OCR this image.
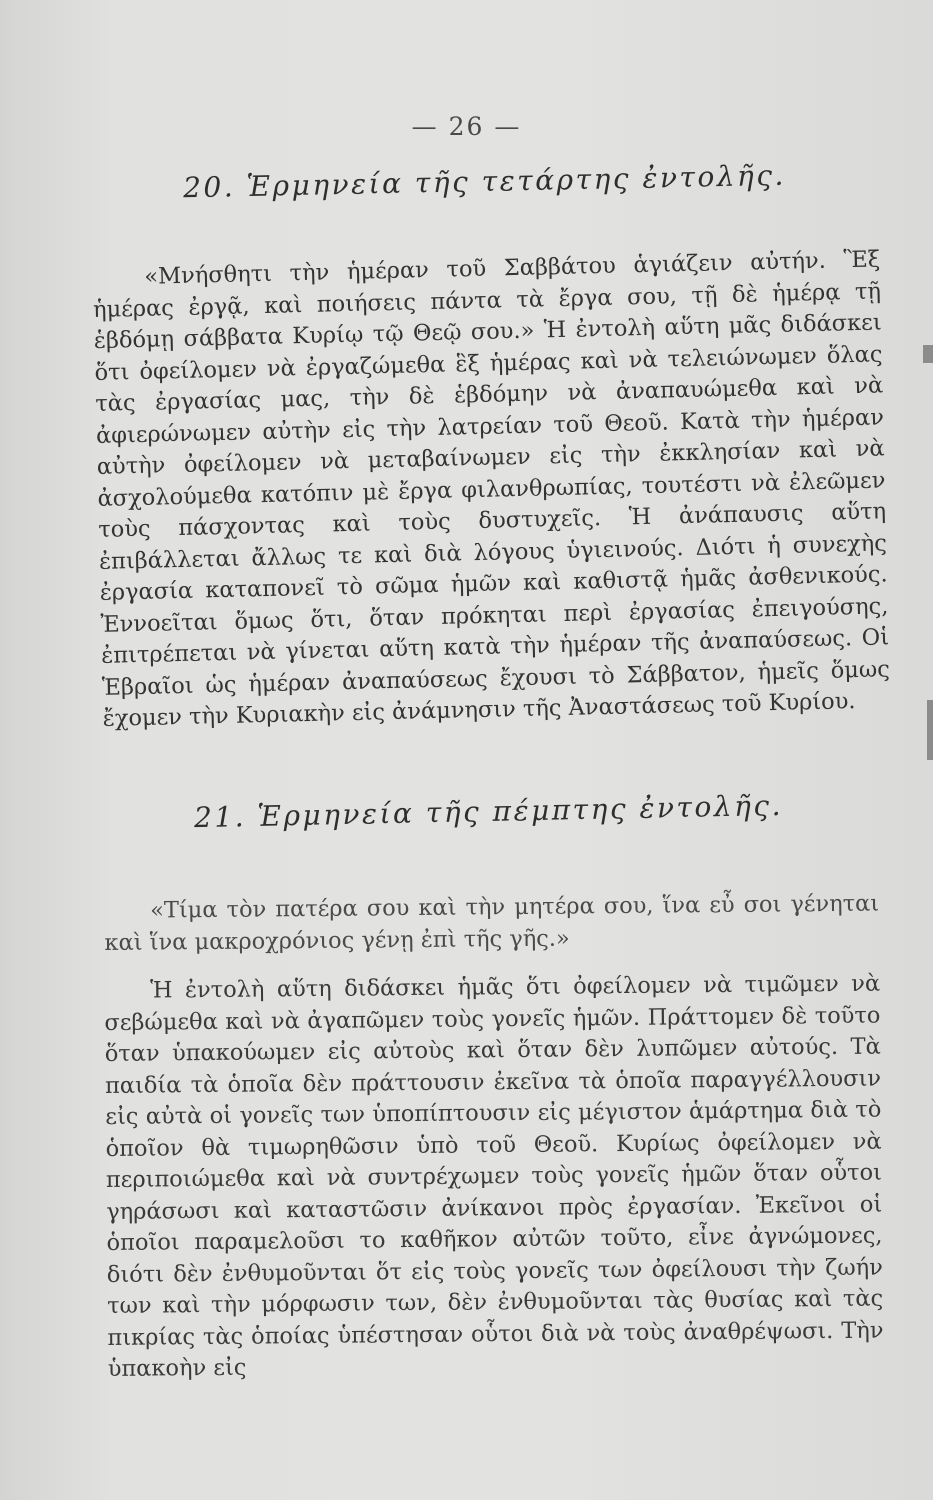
— 26 —
20. Ἑρμηνεία τῆς τετάρτης ἐντολῆς.

«Μνήσθητι τὴν ἡμέραν τοῦ Σαββάτου ἁγιάζειν αὐτήν. Ἓξ ἡμέρας ἐργᾷ, καὶ ποιήσεις πάντα τὰ ἔργα σου, τῇ δὲ ἡμέρᾳ τῇ ἑβδόμῃ σάββατα Κυρίῳ τῷ Θεῷ σου.» Ἡ ἐντολὴ αὕτη μᾶς διδάσκει ὅτι ὀφείλομεν νὰ ἐργαζώμεθα ἓξ ἡμέρας καὶ νὰ τελειώνωμεν ὅλας τὰς ἐργασίας μας, τὴν δὲ ἑβδόμην νὰ ἀναπαυώμεθα καὶ νὰ ἀφιερώνωμεν αὐτὴν εἰς τὴν λατρείαν τοῦ Θεοῦ. Κατὰ τὴν ἡμέραν αὐτὴν ὀφείλομεν νὰ μεταβαίνωμεν εἰς τὴν ἐκκλησίαν καὶ νὰ ἀσχολούμεθα κατόπιν μὲ ἔργα φιλανθρωπίας, τουτέστι νὰ ἐλεῶμεν τοὺς πάσχοντας καὶ τοὺς δυστυχεῖς. Ἡ ἀνάπαυσις αὕτη ἐπιβάλλεται ἄλλως τε καὶ διὰ λόγους ὑγιεινούς. Διότι ἡ συνεχὴς ἐργασία καταπονεῖ τὸ σῶμα ἡμῶν καὶ καθιστᾷ ἡμᾶς ἀσθενικούς. Ἐννοεῖται ὅμως ὅτι, ὅταν πρόκηται περὶ ἐργασίας ἐπειγούσης, ἐπιτρέπεται νὰ γίνεται αὕτη κατὰ τὴν ἡμέραν τῆς ἀναπαύσεως. Οἱ Ἑβραῖοι ὡς ἡμέραν ἀναπαύσεως ἔχουσι τὸ Σάββατον, ἡμεῖς ὅμως ἔχομεν τὴν Κυριακὴν εἰς ἀνάμνησιν τῆς Ἀναστάσεως τοῦ Κυρίου.

21. Ἑρμηνεία τῆς πέμπτης ἐντολῆς.

«Τίμα τὸν πατέρα σου καὶ τὴν μητέρα σου, ἵνα εὖ σοι γένηται καὶ ἵνα μακροχρόνιος γένῃ ἐπὶ τῆς γῆς.»

Ἡ ἐντολὴ αὕτη διδάσκει ἡμᾶς ὅτι ὀφείλομεν νὰ τιμῶμεν νὰ σεβώμεθα καὶ νὰ ἀγαπῶμεν τοὺς γονεῖς ἡμῶν. Πράττομεν δὲ τοῦτο ὅταν ὑπακούωμεν εἰς αὐτοὺς καὶ ὅταν δὲν λυπῶμεν αὐτούς. Τὰ παιδία τὰ ὁποῖα δὲν πράττουσιν ἐκεῖνα τὰ ὁποῖα παραγγέλλουσιν εἰς αὐτὰ οἱ γονεῖς των ὑποπίπτουσιν εἰς μέγιστον ἁμάρτημα διὰ τὸ ὁποῖον θὰ τιμωρηθῶσιν ὑπὸ τοῦ Θεοῦ. Κυρίως ὀφείλομεν νὰ περιποιώμεθα καὶ νὰ συντρέχωμεν τοὺς γονεῖς ἡμῶν ὅταν οὗτοι γηράσωσι καὶ καταστῶσιν ἀνίκανοι πρὸς ἐργασίαν. Ἐκεῖνοι οἱ ὁποῖοι παραμελοῦσι το καθῆκον αὐτῶν τοῦτο, εἶνε ἀγνώμονες, διότι δὲν ἐνθυμοῦνται ὅτ εἰς τοὺς γονεῖς των ὀφείλουσι τὴν ζωήν των καὶ τὴν μόρφωσιν των, δὲν ἐνθυμοῦνται τὰς θυσίας καὶ τὰς πικρίας τὰς ὁποίας ὑπέστησαν οὗτοι διὰ νὰ τοὺς ἀναθρέψωσι. Τὴν ὑπακοὴν εἰς
